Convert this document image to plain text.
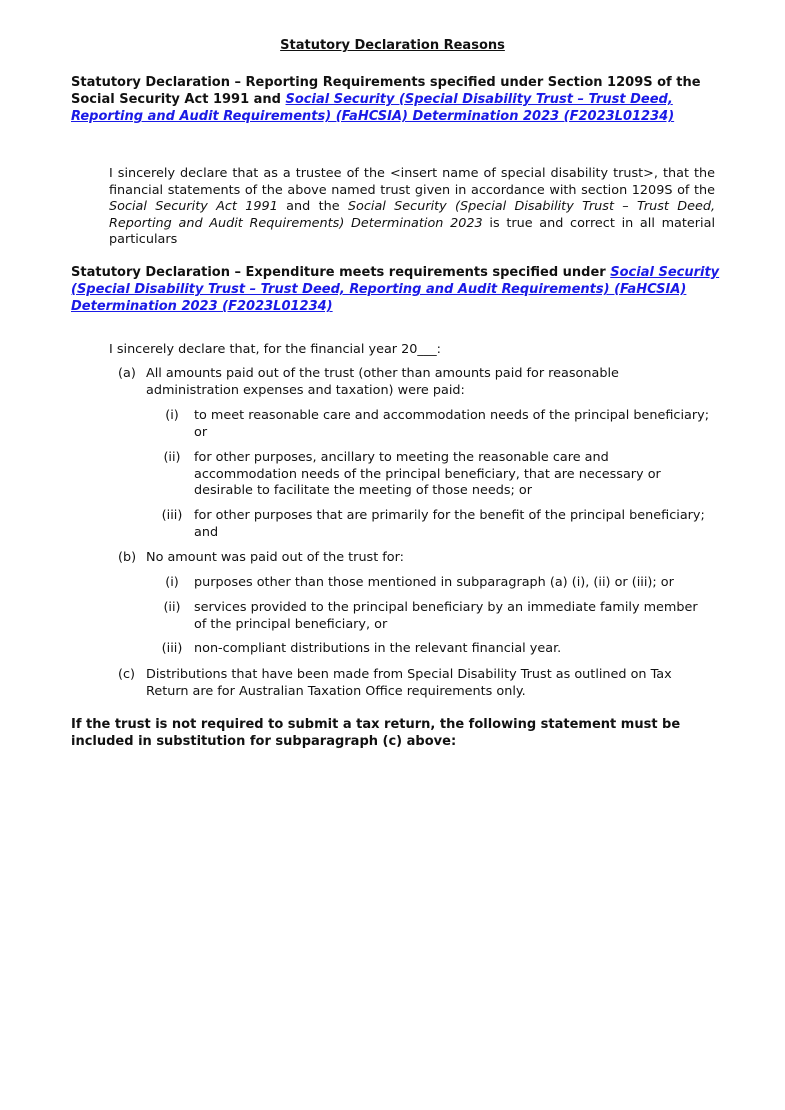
Statutory Declaration Reasons
Statutory Declaration – Reporting Requirements specified under Section 1209S of the Social Security Act 1991 and Social Security (Special Disability Trust – Trust Deed, Reporting and Audit Requirements) (FaHCSIA) Determination 2023 (F2023L01234)
I sincerely declare that as a trustee of the <insert name of special disability trust>, that the financial statements of the above named trust given in accordance with section 1209S of the Social Security Act 1991 and the Social Security (Special Disability Trust – Trust Deed, Reporting and Audit Requirements) Determination 2023 is true and correct in all material particulars
Statutory Declaration – Expenditure meets requirements specified under Social Security (Special Disability Trust – Trust Deed, Reporting and Audit Requirements) (FaHCSIA) Determination 2023 (F2023L01234)
I sincerely declare that, for the financial year 20___:
(a) All amounts paid out of the trust (other than amounts paid for reasonable administration expenses and taxation) were paid:
(i)	to meet reasonable care and accommodation needs of the principal beneficiary; or
(ii)	for other purposes, ancillary to meeting the reasonable care and accommodation needs of the principal beneficiary, that are necessary or desirable to facilitate the meeting of those needs; or
(iii) for other purposes that are primarily for the benefit of the principal beneficiary; and
(b) No amount was paid out of the trust for:
(i)	purposes other than those mentioned in subparagraph (a) (i), (ii) or (iii); or
(ii)	services provided to the principal beneficiary by an immediate family member of the principal beneficiary, or
(iii) non-compliant distributions in the relevant financial year.
(c) Distributions that have been made from Special Disability Trust as outlined on Tax Return are for Australian Taxation Office requirements only.
If the trust is not required to submit a tax return, the following statement must be included in substitution for subparagraph (c) above:
